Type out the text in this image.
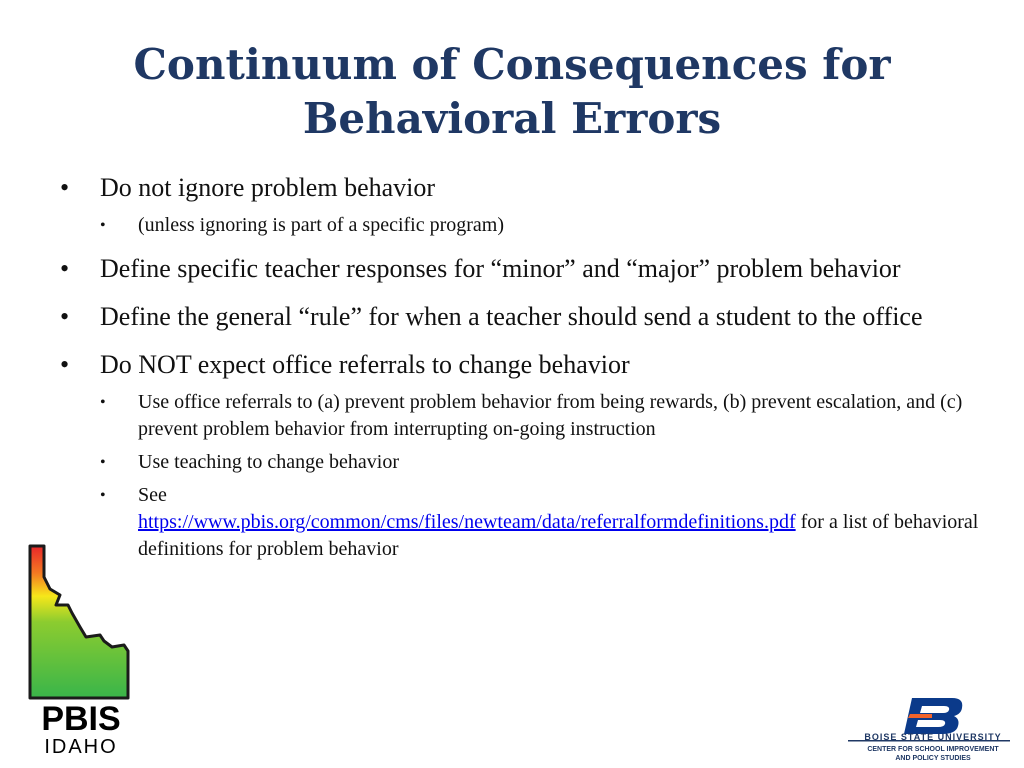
Continuum of Consequences for
Behavioral Errors
• Do not ignore problem behavior
• (unless ignoring is part of a specific program)
• Define specific teacher responses for “minor” and “major” problem behavior
• Define the general “rule” for when a teacher should send a student to the office
• Do NOT expect office referrals to change behavior
• Use office referrals to (a) prevent problem behavior from being rewards, (b) prevent escalation, and (c) prevent problem behavior from interrupting on-going instruction
• Use teaching to change behavior
• See
https://www.pbis.org/common/cms/files/newteam/data/referralformdefinitions.pdf for a list of behavioral definitions for problem behavior
PBIS
IDAHO	BOISE STATE UNIVERSITY
CENTER FOR SCHOOL IMPROVEMENT
AND POLICY STUDIES
